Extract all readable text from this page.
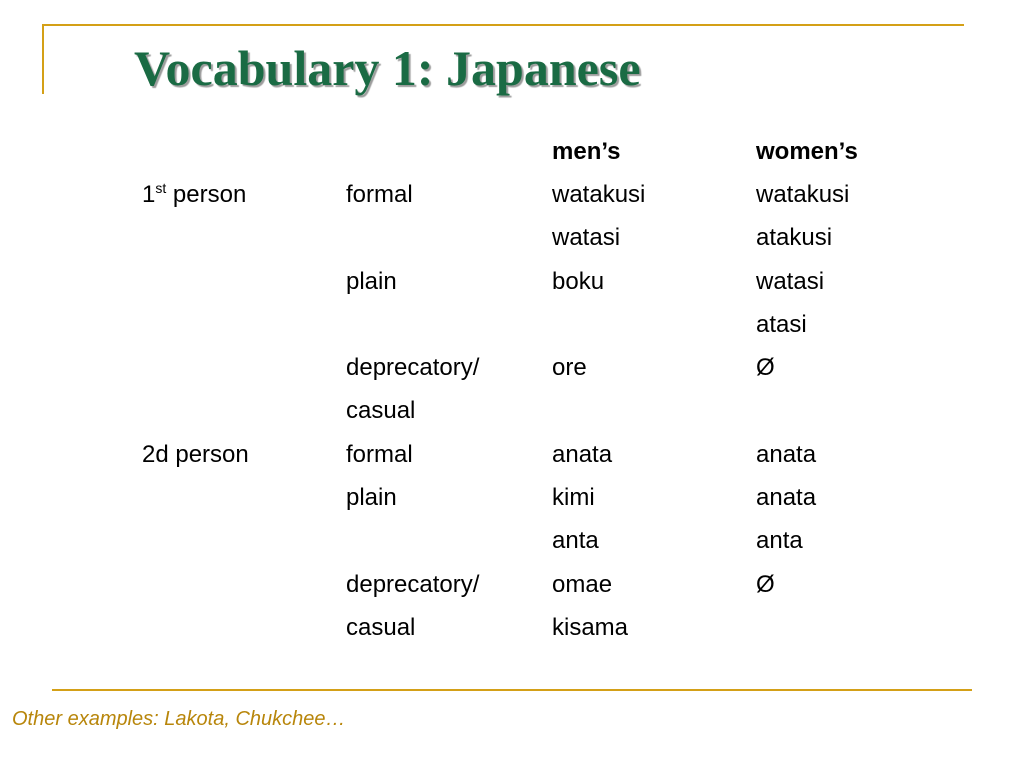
Vocabulary 1: Japanese
		men’s	women’s
1st person	formal	watakusi	watakusi
		watasi	atakusi
	plain	boku	watasi
			atasi
	deprecatory/	ore	Ø
	casual		
2d person	formal	anata	anata
	plain	kimi	anata
		anta	anta
	deprecatory/	omae	Ø
	casual	kisama	
Other examples: Lakota, Chukchee…
